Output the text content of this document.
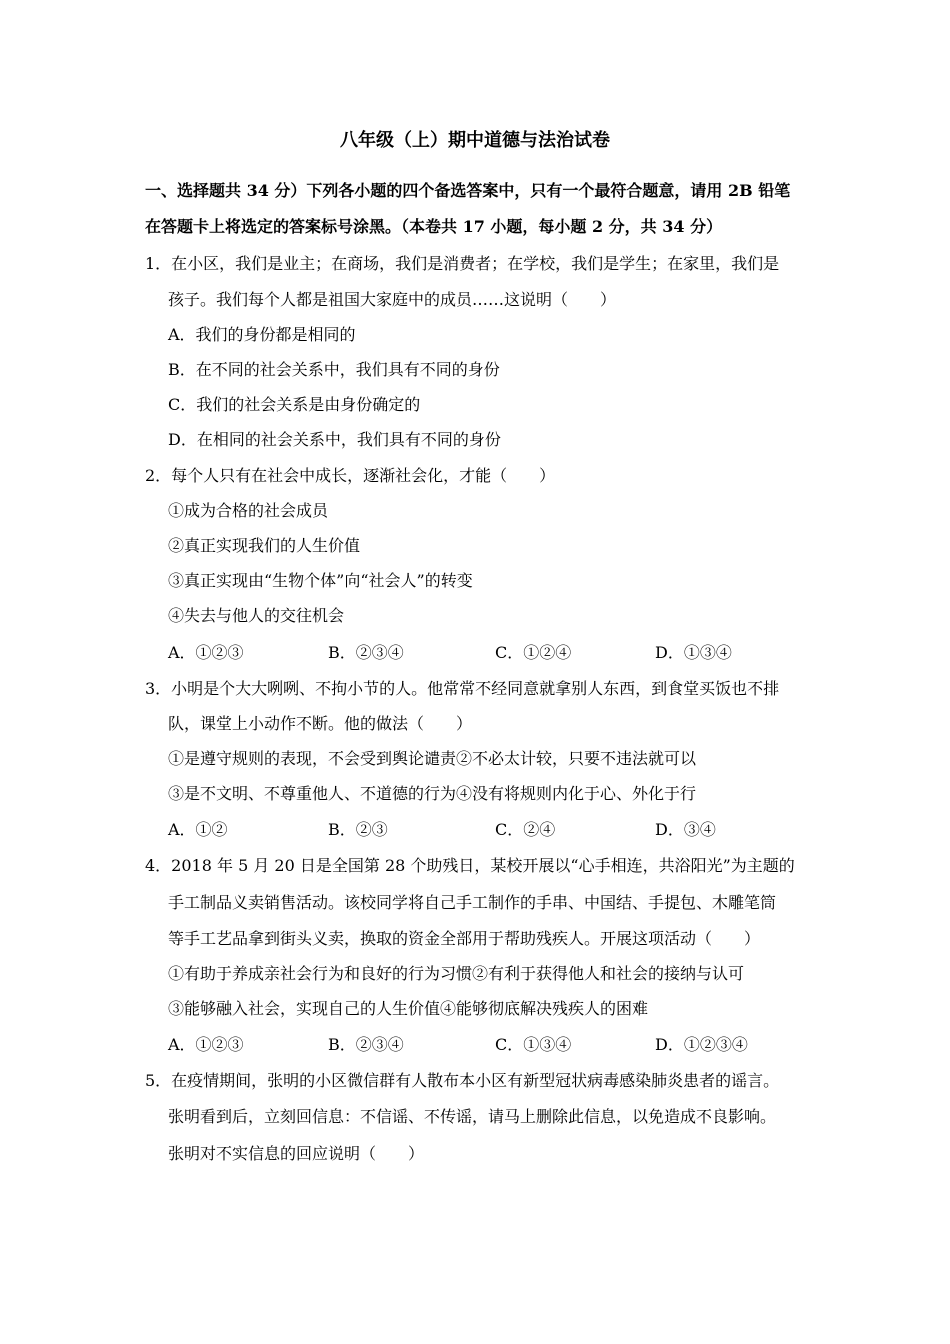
八年级（上）期中道德与法治试卷
一、选择题共 34 分）下列各小题的四个备选答案中，只有一个最符合题意，请用 2B 铅笔
在答题卡上将选定的答案标号涂黑。（本卷共 17 小题，每小题 2 分，共 34 分）
1．在小区，我们是业主；在商场，我们是消费者；在学校，我们是学生；在家里，我们是
孩子。我们每个人都是祖国大家庭中的成员……这说明（　　）
A．我们的身份都是相同的
B．在不同的社会关系中，我们具有不同的身份
C．我们的社会关系是由身份确定的
D．在相同的社会关系中，我们具有不同的身份
2．每个人只有在社会中成长，逐渐社会化，才能（　　）
①成为合格的社会成员
②真正实现我们的人生价值
③真正实现由“生物个体”向“社会人”的转变
④失去与他人的交往机会
A．①②③	B．②③④	C．①②④	D．①③④
3．小明是个大大咧咧、不拘小节的人。他常常不经同意就拿别人东西，到食堂买饭也不排
队，课堂上小动作不断。他的做法（　　）
①是遵守规则的表现，不会受到舆论谴责②不必太计较，只要不违法就可以
③是不文明、不尊重他人、不道德的行为④没有将规则内化于心、外化于行
A．①②	B．②③	C．②④	D．③④
4．2018 年 5 月 20 日是全国第 28 个助残日，某校开展以“心手相连，共浴阳光”为主题的
手工制品义卖销售活动。该校同学将自己手工制作的手串、中国结、手提包、木雕笔筒
等手工艺品拿到街头义卖，换取的资金全部用于帮助残疾人。开展这项活动（　　）
①有助于养成亲社会行为和良好的行为习惯②有利于获得他人和社会的接纳与认可
③能够融入社会，实现自己的人生价值④能够彻底解决残疾人的困难
A．①②③	B．②③④	C．①③④	D．①②③④
5．在疫情期间，张明的小区微信群有人散布本小区有新型冠状病毒感染肺炎患者的谣言。
张明看到后，立刻回信息：不信谣、不传谣，请马上删除此信息，以免造成不良影响。
张明对不实信息的回应说明（　　）
